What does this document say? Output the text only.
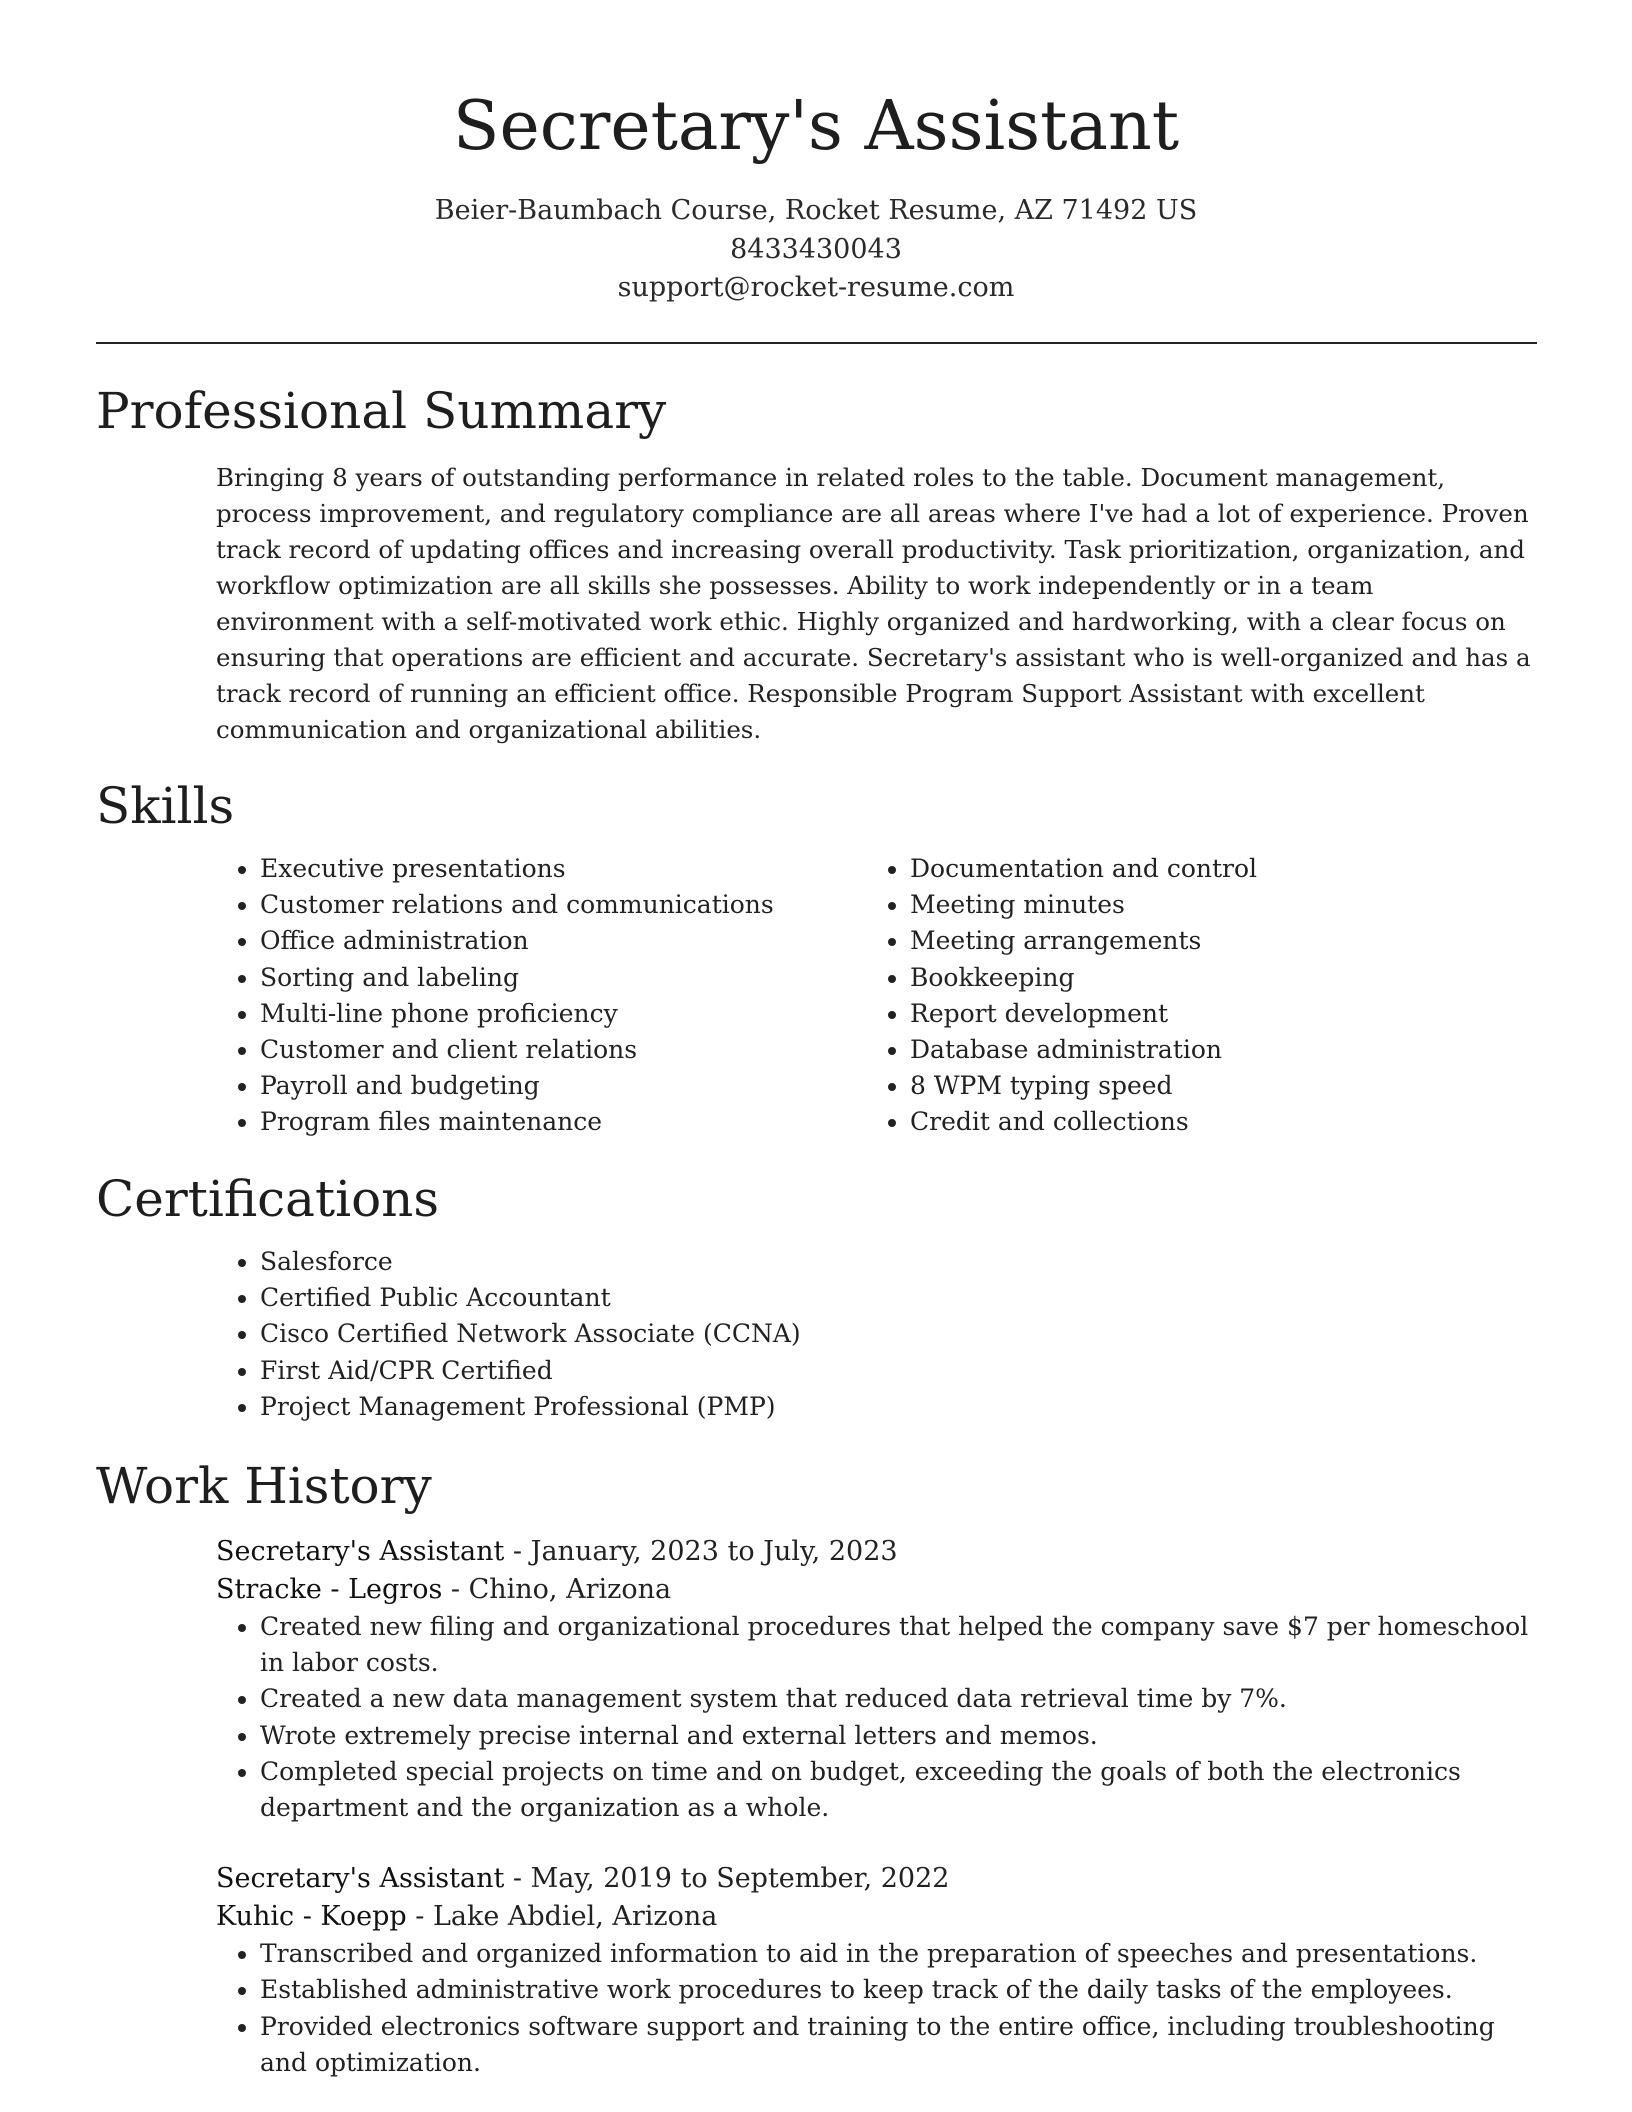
Secretary's Assistant
Beier-Baumbach Course, Rocket Resume, AZ 71492 US
8433430043
support@rocket-resume.com
Professional Summary
Bringing 8 years of outstanding performance in related roles to the table. Document management, process improvement, and regulatory compliance are all areas where I've had a lot of experience. Proven track record of updating offices and increasing overall productivity. Task prioritization, organization, and workflow optimization are all skills she possesses. Ability to work independently or in a team environment with a self-motivated work ethic. Highly organized and hardworking, with a clear focus on ensuring that operations are efficient and accurate. Secretary's assistant who is well-organized and has a track record of running an efficient office. Responsible Program Support Assistant with excellent communication and organizational abilities.
Skills
• Executive presentations
• Customer relations and communications
• Office administration
• Sorting and labeling
• Multi-line phone proficiency
• Customer and client relations
• Payroll and budgeting
• Program files maintenance
• Documentation and control
• Meeting minutes
• Meeting arrangements
• Bookkeeping
• Report development
• Database administration
• 8 WPM typing speed
• Credit and collections
Certifications
• Salesforce
• Certified Public Accountant
• Cisco Certified Network Associate (CCNA)
• First Aid/CPR Certified
• Project Management Professional (PMP)
Work History
Secretary's Assistant - January, 2023 to July, 2023
Stracke - Legros - Chino, Arizona
• Created new filing and organizational procedures that helped the company save $7 per homeschool in labor costs.
• Created a new data management system that reduced data retrieval time by 7%.
• Wrote extremely precise internal and external letters and memos.
• Completed special projects on time and on budget, exceeding the goals of both the electronics department and the organization as a whole.
Secretary's Assistant - May, 2019 to September, 2022
Kuhic - Koepp - Lake Abdiel, Arizona
• Transcribed and organized information to aid in the preparation of speeches and presentations.
• Established administrative work procedures to keep track of the daily tasks of the employees.
• Provided electronics software support and training to the entire office, including troubleshooting and optimization.
